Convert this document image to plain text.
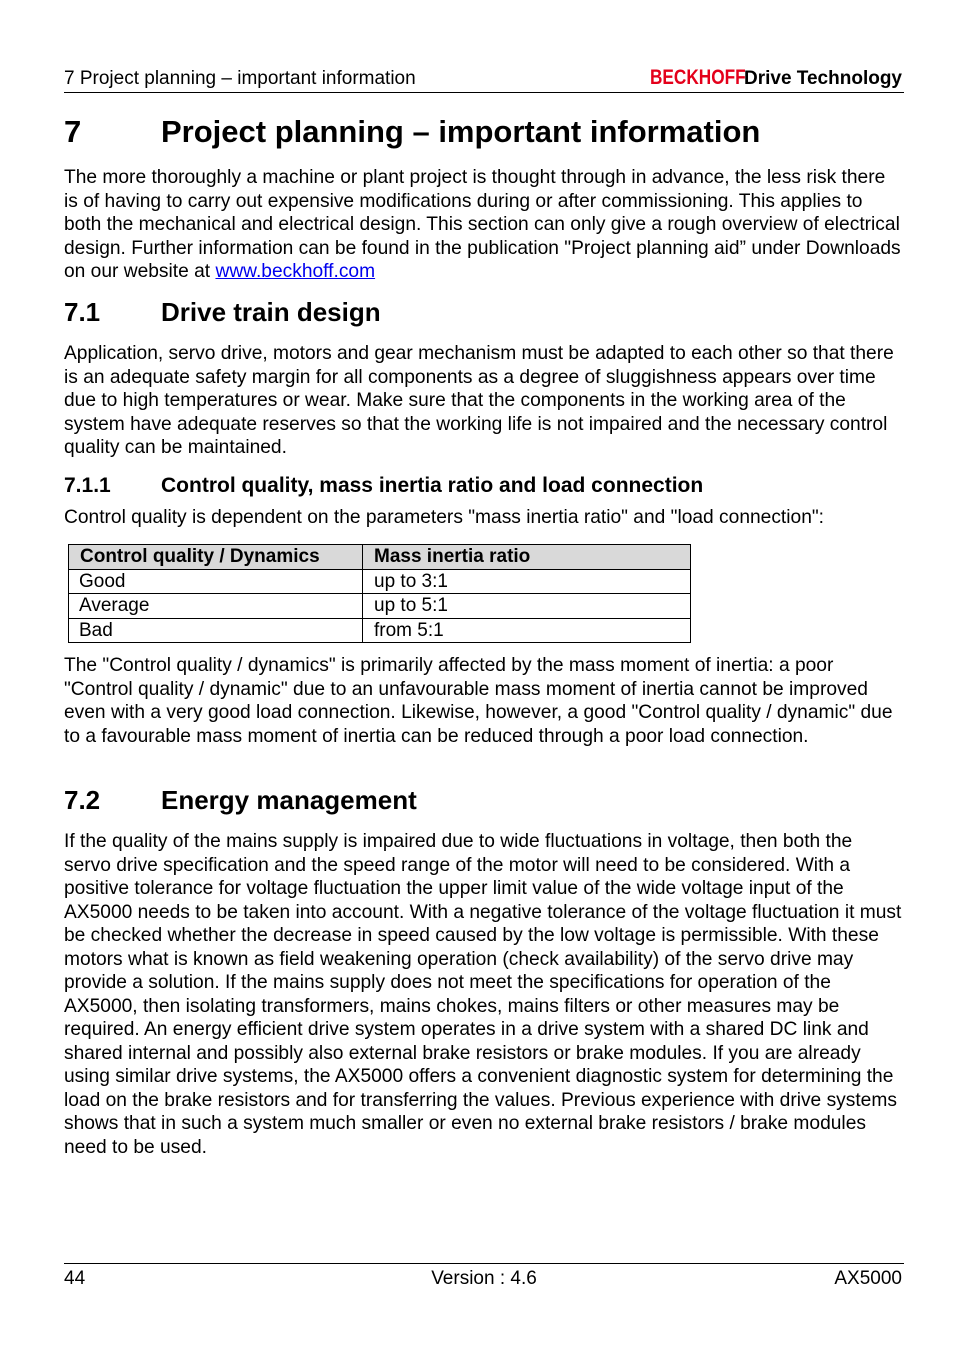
7 Project planning – important information	BECKHOFFDrive Technology
7	Project planning – important information
The more thoroughly a machine or plant project is thought through in advance, the less risk there is of having to carry out expensive modifications during or after commissioning. This applies to both the mechanical and electrical design. This section can only give a rough overview of electrical design. Further information can be found in the publication "Project planning aid” under Downloads on our website at www.beckhoff.com
7.1 Drive train design
Application, servo drive, motors and gear mechanism must be adapted to each other so that there is an adequate safety margin for all components as a degree of sluggishness appears over time due to high temperatures or wear. Make sure that the components in the working area of the system have adequate reserves so that the working life is not impaired and the necessary control quality can be maintained.
7.1.1 Control quality, mass inertia ratio and load connection
Control quality is dependent on the parameters "mass inertia ratio" and "load connection":
Control quality / Dynamics	Mass inertia ratio
Good	up to 3:1
Average	up to 5:1
Bad	from 5:1
The "Control quality / dynamics" is primarily affected by the mass moment of inertia: a poor "Control quality / dynamic" due to an unfavourable mass moment of inertia cannot be improved even with a very good load connection. Likewise, however, a good "Control quality / dynamic" due to a favourable mass moment of inertia can be reduced through a poor load connection.
7.2 Energy management
If the quality of the mains supply is impaired due to wide fluctuations in voltage, then both the servo drive specification and the speed range of the motor will need to be considered. With a positive tolerance for voltage fluctuation the upper limit value of the wide voltage input of the AX5000 needs to be taken into account. With a negative tolerance of the voltage fluctuation it must be checked whether the decrease in speed caused by the low voltage is permissible. With these motors what is known as field weakening operation (check availability) of the servo drive may provide a solution. If the mains supply does not meet the specifications for operation of the AX5000, then isolating transformers, mains chokes, mains filters or other measures may be required. An energy efficient drive system operates in a drive system with a shared DC link and shared internal and possibly also external brake resistors or brake modules. If you are already using similar drive systems, the AX5000 offers a convenient diagnostic system for determining the load on the brake resistors and for transferring the values. Previous experience with drive systems shows that in such a system much smaller or even no external brake resistors / brake modules need to be used.
44	Version : 4.6	AX5000
